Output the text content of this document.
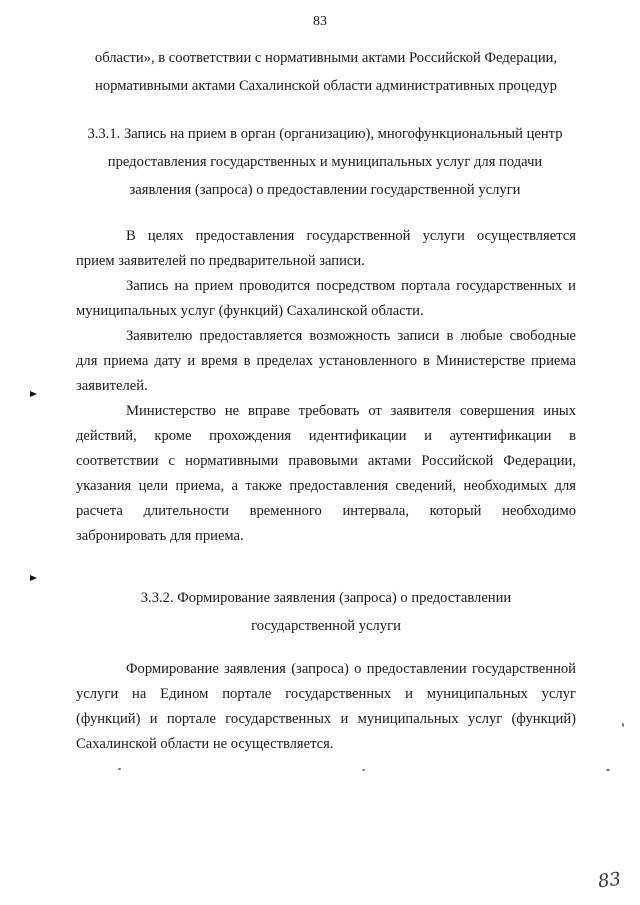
83
области», в соответствии с нормативными актами Российской Федерации,
нормативными актами Сахалинской области административных процедур
3.3.1. Запись на прием в орган (организацию), многофункциональный центр
предоставления государственных и муниципальных услуг для подачи
заявления (запроса) о предоставлении государственной услуги
В целях предоставления государственной услуги осуществляется
прием заявителей по предварительной записи.
Запись на прием проводится посредством портала государственных и
муниципальных услуг (функций) Сахалинской области.
Заявителю предоставляется возможность записи в любые свободные
для приема дату и время в пределах установленного в Министерстве приема
заявителей.
Министерство не вправе требовать от заявителя совершения иных
действий, кроме прохождения идентификации и аутентификации в
соответствии с нормативными правовыми актами Российской Федерации,
указания цели приема, а также предоставления сведений, необходимых для
расчета длительности временного интервала, который необходимо
забронировать для приема.
3.3.2. Формирование заявления (запроса) о предоставлении
государственной услуги
Формирование заявления (запроса) о предоставлении государственной
услуги на Едином портале государственных и муниципальных услуг
(функций) и портале государственных и муниципальных услуг (функций)
Сахалинской области не осуществляется.
83
